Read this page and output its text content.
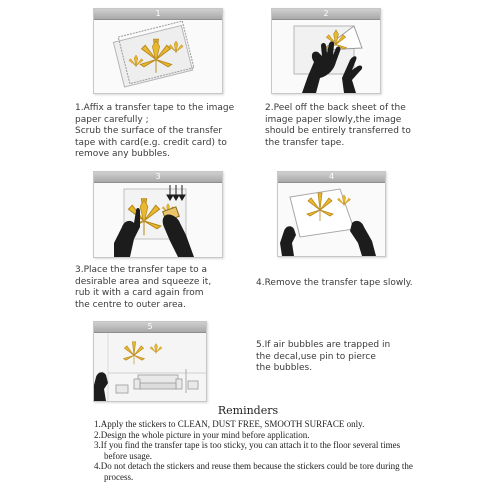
1
1.Affix a transfer tape to the image
paper carefully ;
Scrub the surface of the transfer
tape with card(e.g. credit card) to
remove any bubbles.
2
2.Peel off the back sheet of the
image paper slowly,the image
should be entirely transferred to
the transfer tape.
3
3.Place the transfer tape to a
desirable area and squeeze it,
rub it with a card again from
the centre to outer area.
4
4.Remove the transfer tape slowly.
5
5.If air bubbles are trapped in
the decal,use pin to pierce
the bubbles.
Reminders
1.Apply the stickers to CLEAN, DUST FREE, SMOOTH SURFACE only.
2.Design the whole picture in your mind before application.
3.If you find the transfer tape is too sticky, you can attach it to the floor several times before usage.
4.Do not detach the stickers and reuse them because the stickers could be tore during the process.
